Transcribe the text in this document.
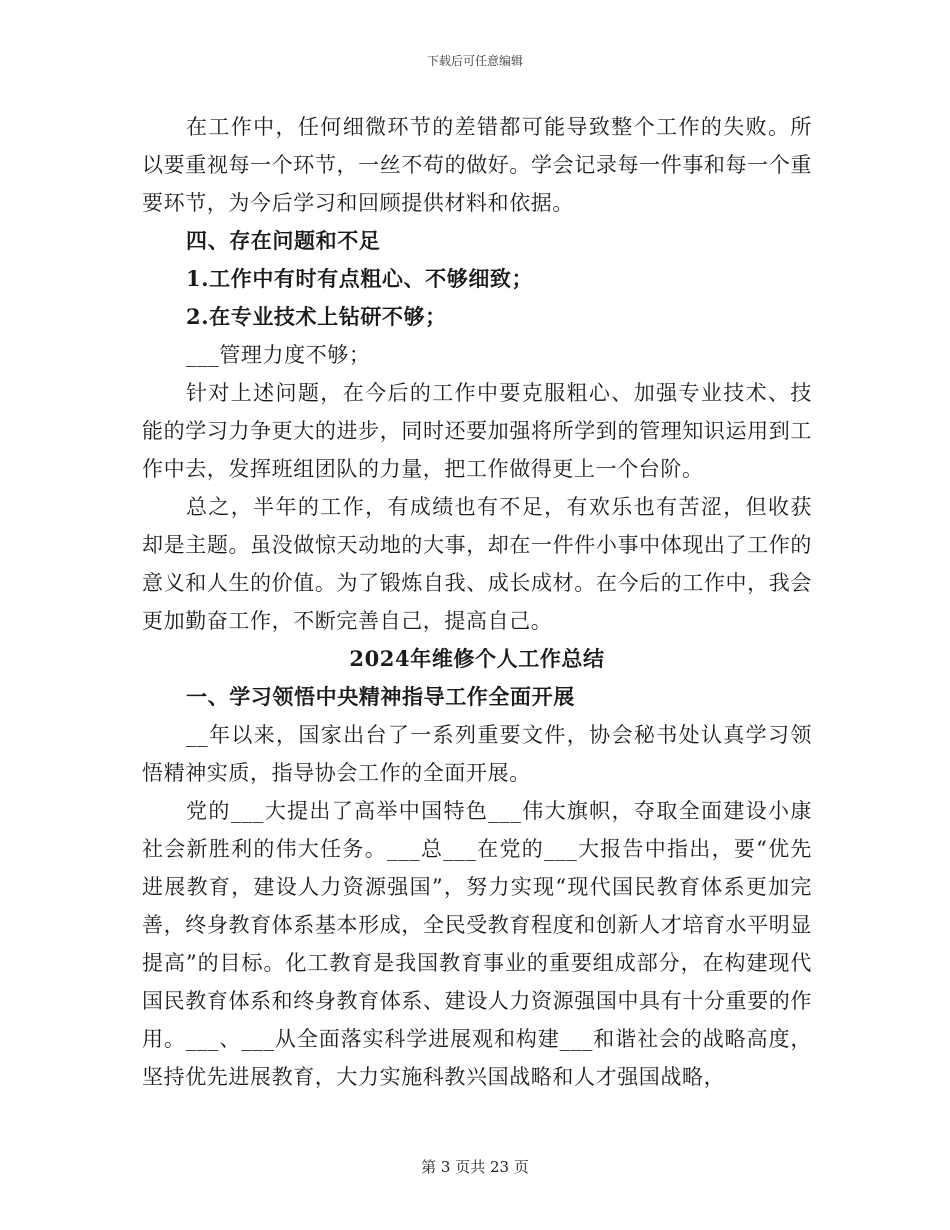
下载后可任意编辑

在工作中，任何细微环节的差错都可能导致整个工作的失败。所以要重视每一个环节，一丝不苟的做好。学会记录每一件事和每一个重要环节，为今后学习和回顾提供材料和依据。

四、存在问题和不足

1.工作中有时有点粗心、不够细致；

2.在专业技术上钻研不够；

___管理力度不够；

针对上述问题，在今后的工作中要克服粗心、加强专业技术、技能的学习力争更大的进步，同时还要加强将所学到的管理知识运用到工作中去，发挥班组团队的力量，把工作做得更上一个台阶。

总之，半年的工作，有成绩也有不足，有欢乐也有苦涩，但收获却是主题。虽没做惊天动地的大事，却在一件件小事中体现出了工作的意义和人生的价值。为了锻炼自我、成长成材。在今后的工作中，我会更加勤奋工作，不断完善自己，提高自己。

2024年维修个人工作总结

一、学习领悟中央精神指导工作全面开展

__年以来，国家出台了一系列重要文件，协会秘书处认真学习领悟精神实质，指导协会工作的全面开展。

党的___大提出了高举中国特色___伟大旗帜，夺取全面建设小康社会新胜利的伟大任务。___总___在党的___大报告中指出，要“优先进展教育，建设人力资源强国”，努力实现“现代国民教育体系更加完善，终身教育体系基本形成，全民受教育程度和创新人才培育水平明显提高”的目标。化工教育是我国教育事业的重要组成部分，在构建现代国民教育体系和终身教育体系、建设人力资源强国中具有十分重要的作用。___、___从全面落实科学进展观和构建___和谐社会的战略高度，坚持优先进展教育，大力实施科教兴国战略和人才强国战略，

第 3 页共 23 页
